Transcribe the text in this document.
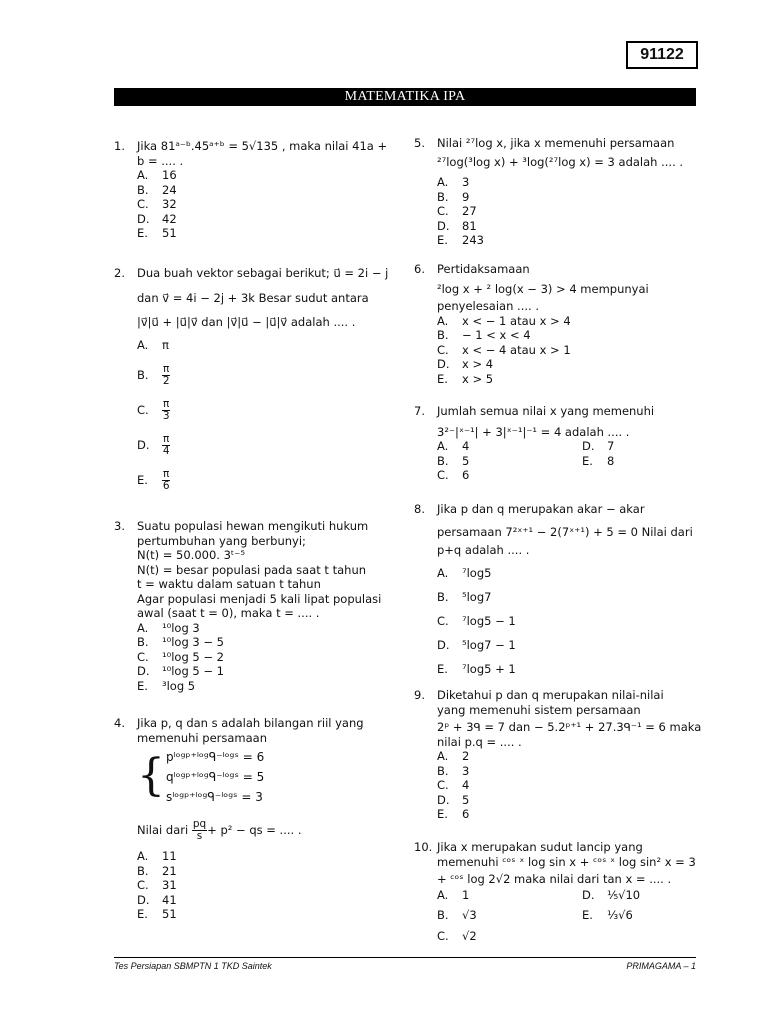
91122
MATEMATIKA IPA
1. Jika 81ᵃ⁻ᵇ.45ᵃ⁺ᵇ = 5√135 , maka nilai 41a +
b = .... .
A.	16
B.	24
C.	32
D.	42
E.	51
2. Dua buah vektor sebagai berikut; u⃗ = 2i − j
dan v⃗ = 4i − 2j + 3k Besar sudut antara
|v⃗|u⃗ + |u⃗|v⃗ dan |v⃗|u⃗ − |u⃗|v⃗ adalah .... .
A.	π
B.	$\frac{\pi}{2}$
C.	$\frac{\pi}{3}$
D.	$\frac{\pi}{4}$
E.	$\frac{\pi}{6}$
3. Suatu populasi hewan mengikuti hukum
pertumbuhan yang berbunyi;
N(t) = 50.000. 3ᵗ⁻⁵
N(t) = besar populasi pada saat t tahun
t = waktu dalam satuan t tahun
Agar populasi menjadi 5 kali lipat populasi
awal (saat t = 0), maka t = .... .
A.	¹⁰log 3
B.	¹⁰log 3 − 5
C.	¹⁰log 5 − 2
D.	¹⁰log 5 − 1
E.	³log 5
4. Jika p, q dan s adalah bilangan riil yang
memenuhi persamaan
{ pˡᵒᵍᵖ⁺ˡᵒᵍᑫ⁻ˡᵒᵍˢ = 6
qˡᵒᵍᵖ⁺ˡᵒᵍᑫ⁻ˡᵒᵍˢ = 5
sˡᵒᵍᵖ⁺ˡᵒᵍᑫ⁻ˡᵒᵍˢ = 3
Nilai dari
$\frac{pq}{s} + p^2$ − qs = .... .
A.	11
B.	21
C.	31
D.	41
E.	51
5. Nilai ²⁷log x, jika x memenuhi persamaan
²⁷log(³log x) + ³log(²⁷log x) = 3 adalah .... .
A.	3
B.	9
C.	27
D.	81
E.	243
6. Pertidaksamaan
²log x + ² log(x − 3) > 4 mempunyai
penyelesaian .... .
A.	x < − 1 atau x > 4
B.	− 1 < x < 4
C.	x < − 4 atau x > 1
D.	x > 4
E.	x > 5
7. Jumlah semua nilai x yang memenuhi
3²⁻|ˣ⁻¹| + 3|ˣ⁻¹|⁻¹ = 4 adalah .... .
A.	4	D.	7
B.	5	E.	8
C.	6
8. Jika p dan q merupakan akar − akar
persamaan 7²ˣ⁺¹ − 2(7ˣ⁺¹) + 5 = 0 Nilai dari
p+q adalah .... .
A.	⁷log5
B.	⁵log7
C.	⁷log5 − 1
D.	⁵log7 − 1
E.	⁷log5 + 1
9. Diketahui p dan q merupakan nilai-nilai
yang memenuhi sistem persamaan
2ᵖ + 3ᑫ = 7 dan − 5.2ᵖ⁺¹ + 27.3ᑫ⁻¹ = 6 maka
nilai p.q = .... .
A.	2
B.	3
C.	4
D.	5
E.	6
10. Jika x merupakan sudut lancip yang
memenuhi ᶜᵒˢ ˣ log sin x + ᶜᵒˢ ˣ log sin² x = 3
+ ᶜᵒˢ log 2√2 maka nilai dari tan x = .... .
A.	1	D.	⅕√10
B.	√3	E.	⅓√6
C.	√2
Tes Persiapan SBMPTN 1 TKD Saintek	PRIMAGAMA – 1
